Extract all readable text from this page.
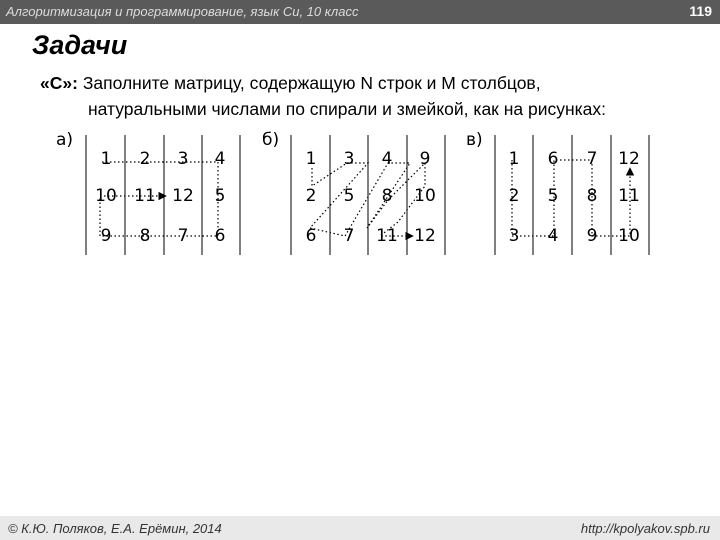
Алгоритмизация и программирование, язык Си, 10 класс	119
Задачи
«C»: Заполните матрицу, содержащую N строк и M столбцов,
натуральными числами по спирали и змейкой, как на рисунках:
а)	б)	в)
1 2 3 4
10 11 12 5
9 8 7 6
1 3 4 9
2 5 8 10
6 7 11 12
1 6 7 12
2 5 8 11
3 4 9 10
© К.Ю. Поляков, Е.А. Ерёмин, 2014	http://kpolyakov.spb.ru
